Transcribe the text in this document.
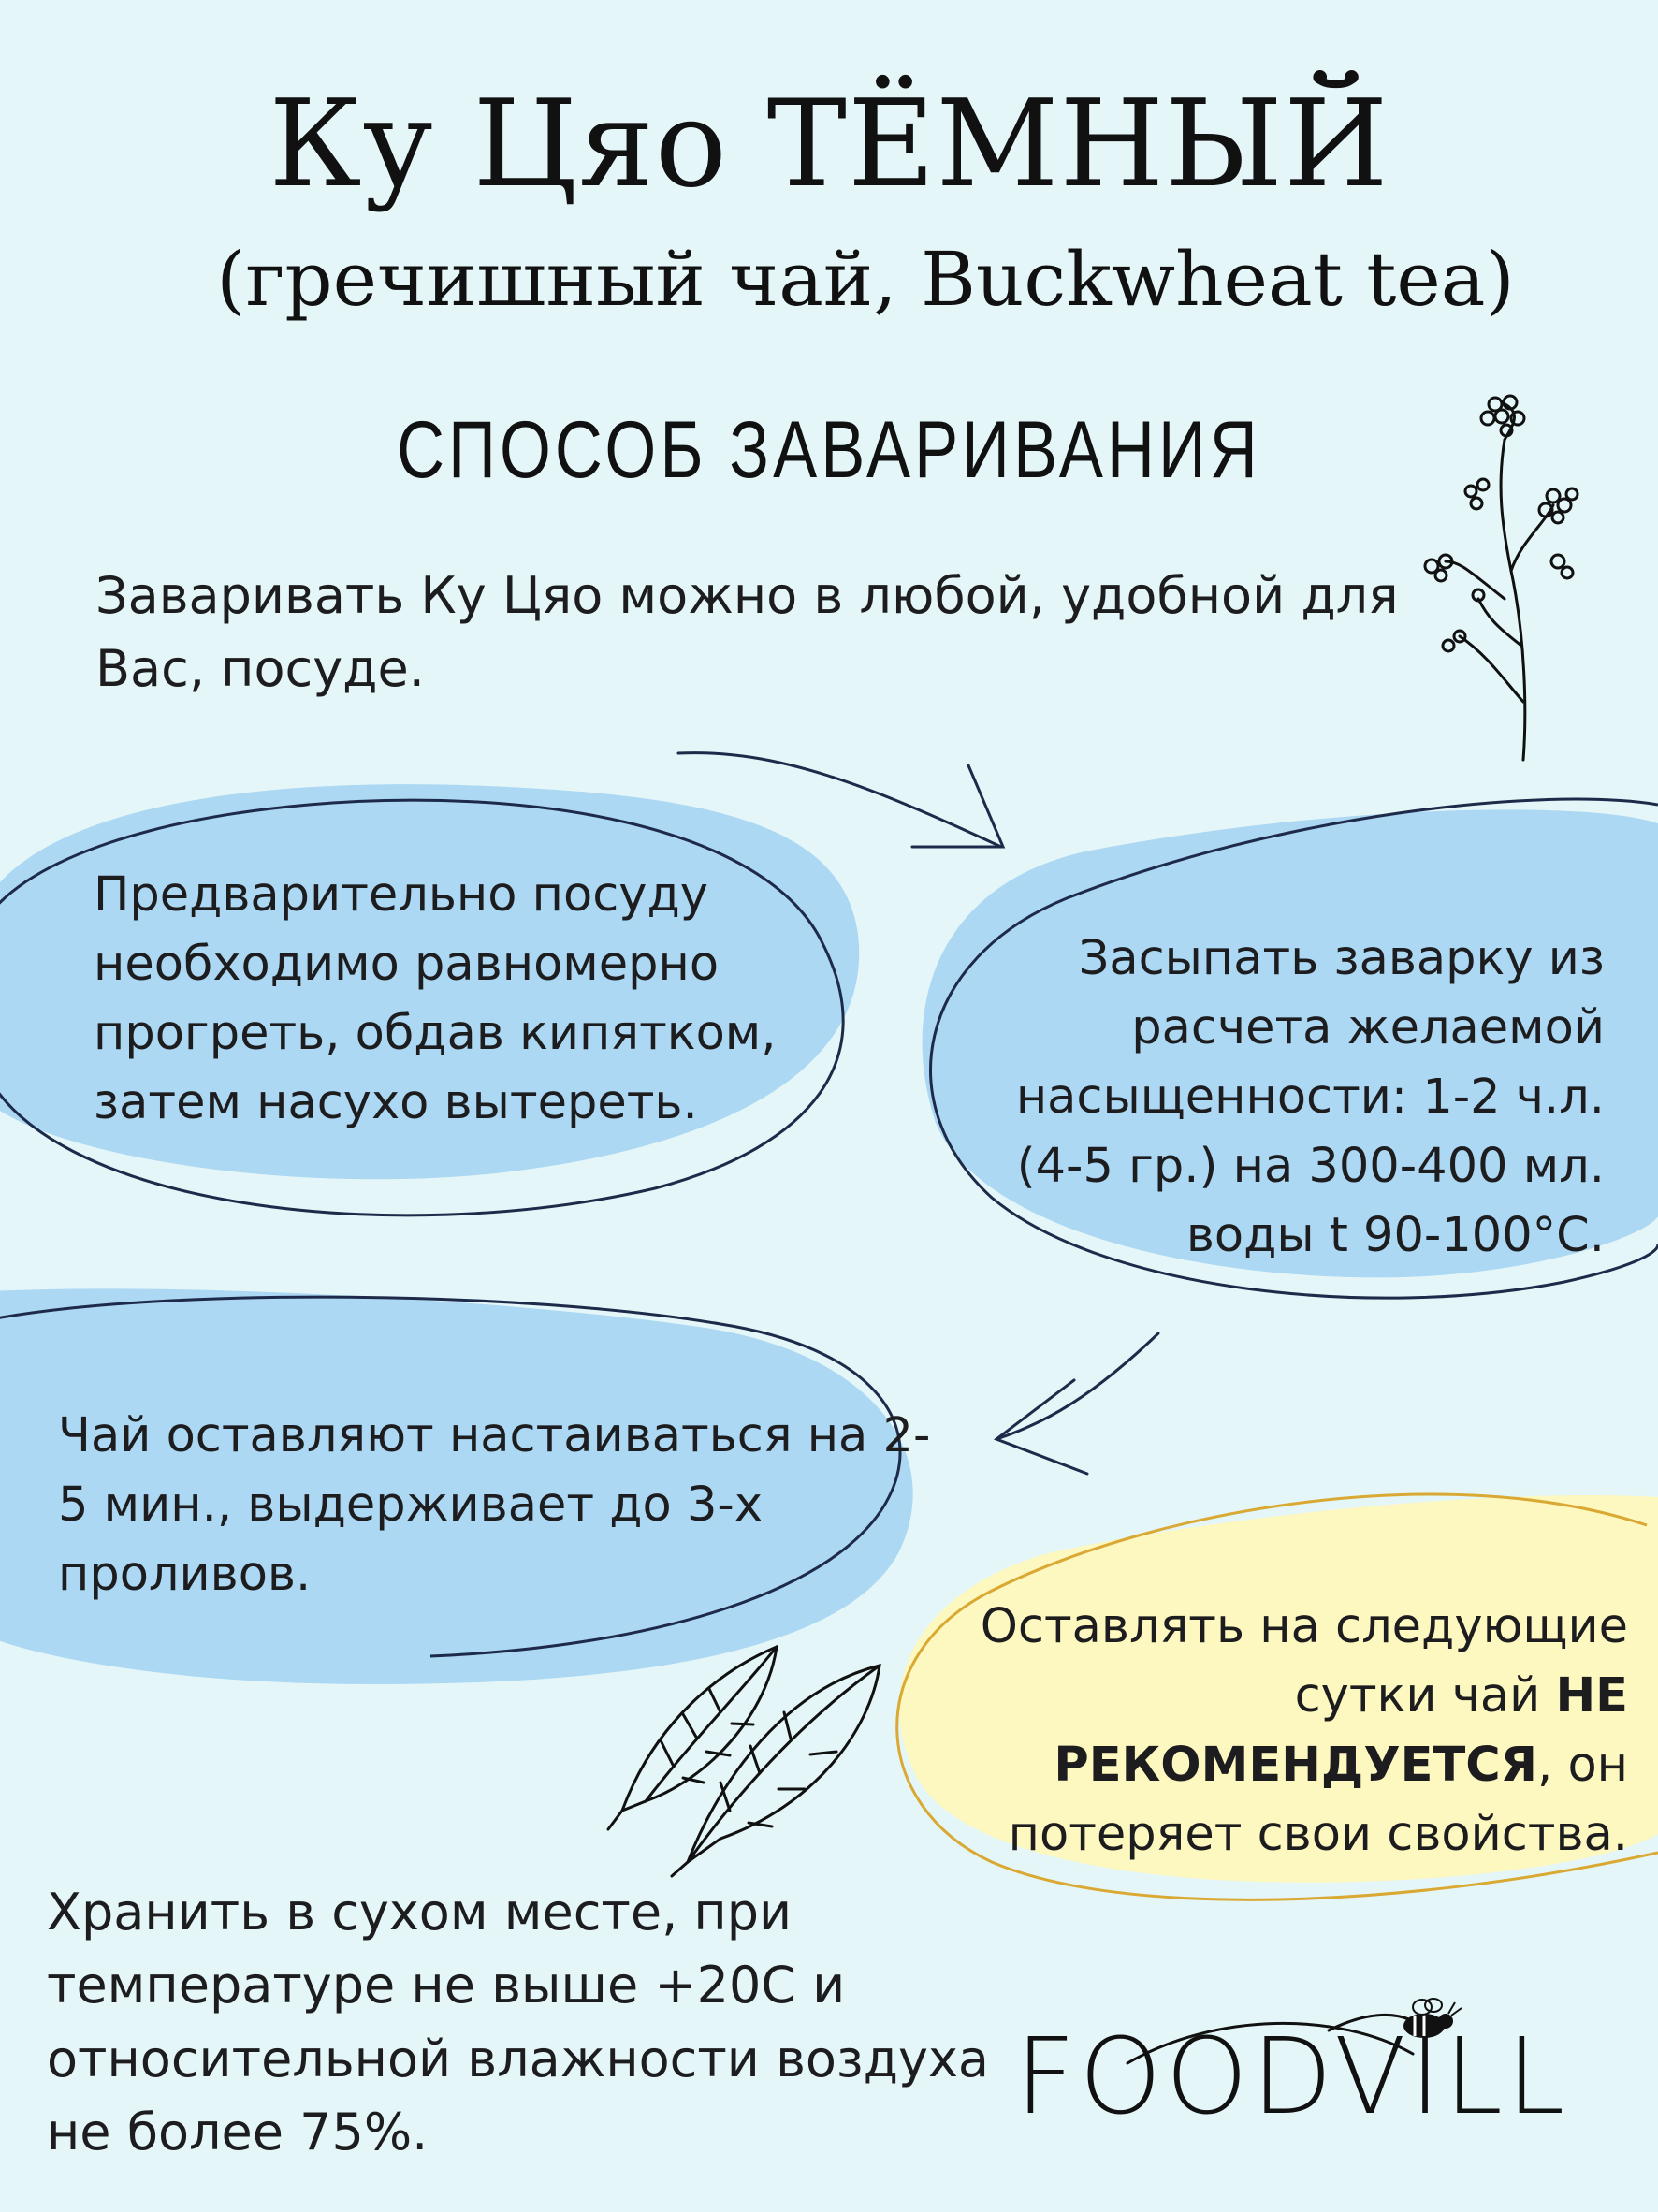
Ку Цяо ТЁМНЫЙ
(гречишный чай, Buckwheat tea)
СПОСОБ ЗАВАРИВАНИЯ
Заваривать Ку Цяо можно в любой, удобной для Вас, посуде.
Предварительно посуду необходимо равномерно прогреть, обдав кипятком, затем насухо вытереть.
Засыпать заварку из расчета желаемой насыщенности: 1-2 ч.л. (4-5 гр.) на 300-400 мл. воды t 90-100°С.
Чай оставляют настаиваться на 2-5 мин., выдерживает до 3-х проливов.
Оставлять на следующие сутки чай НЕ РЕКОМЕНДУЕТСЯ, он потеряет свои свойства.
Хранить в сухом месте, при температуре не выше +20С и относительной влажности воздуха не более 75%.	FOODVILL
